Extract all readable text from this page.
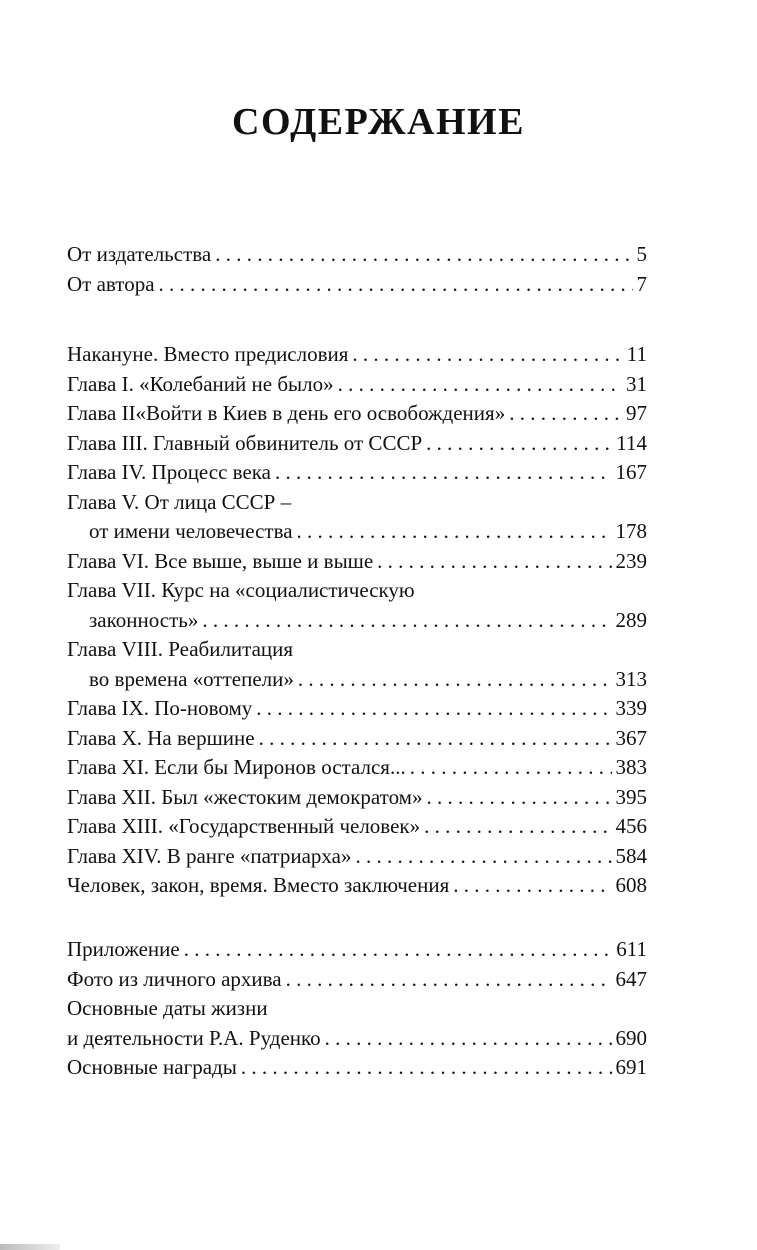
СОДЕРЖАНИЕ
От издательства . . .	5
От автора . . .	7
Накануне. Вместо предисловия . . .	11
Глава I. «Колебаний не было» . . .	31
Глава II«Войти в Киев в день его освобождения» . . .	97
Глава III. Главный обвинитель от СССР . . .	114
Глава IV. Процесс века . . .	167
Глава V. От лица СССР –
от имени человечества . . .	178
Глава VI. Все выше, выше и выше . . .	239
Глава VII. Курс на «социалистическую
законность» . . .	289
Глава VIII. Реабилитация
во времена «оттепели» . . .	313
Глава IX. По-новому . . .	339
Глава X. На вершине . . .	367
Глава XI. Если бы Миронов остался... . . .	383
Глава XII. Был «жестоким демократом» . . .	395
Глава XIII. «Государственный человек» . . .	456
Глава XIV. В ранге «патриарха» . . .	584
Человек, закон, время. Вместо заключения . . .	608
Приложение . . .	611
Фото из личного архива . . .	647
Основные даты жизни
и деятельности Р.А. Руденко . . .	690
Основные награды . . .	691
